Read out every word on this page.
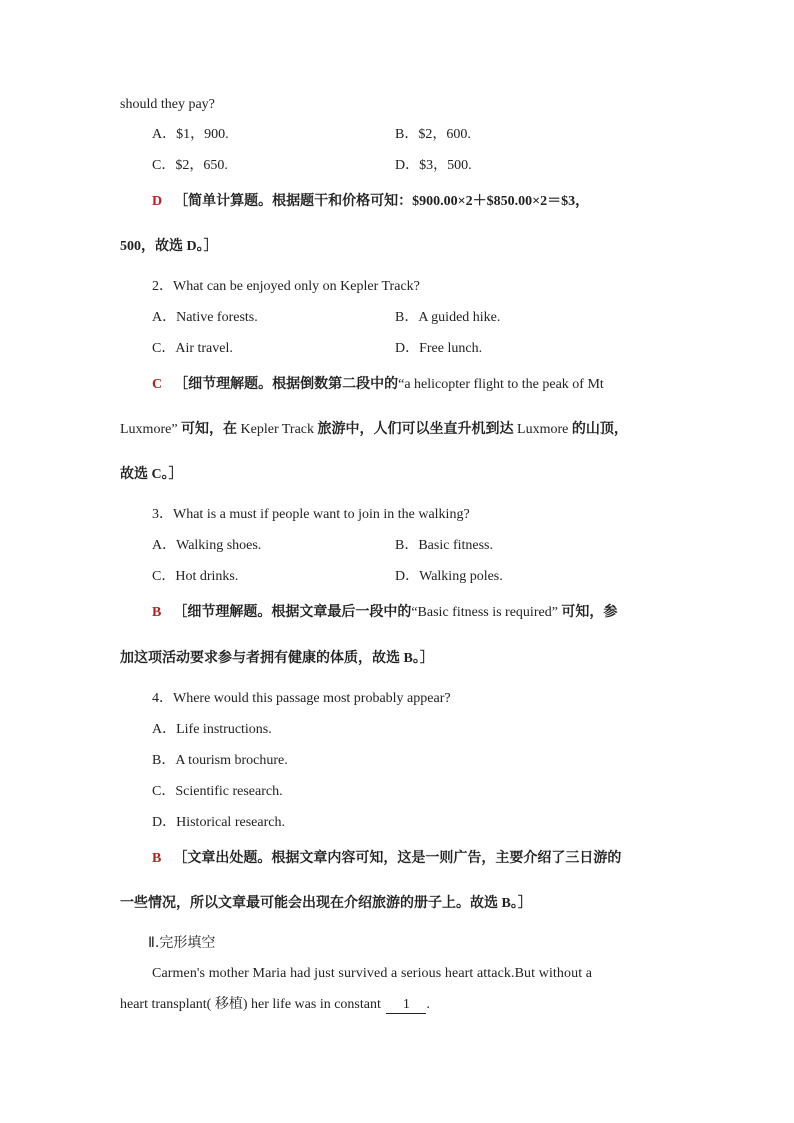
should they pay?
A．$1，900.	B．$2，600.
C．$2，650.	D．$3，500.
D ［简单计算题。根据题干和价格可知：$900.00×2＋$850.00×2＝$3，
500，故选 D。］
2．What can be enjoyed only on Kepler Track?
A．Native forests.	B．A guided hike.
C．Air travel.	D．Free lunch.
C ［细节理解题。根据倒数第二段中的“a helicopter flight to the peak of Mt
Luxmore” 可知，在 Kepler Track 旅游中，人们可以坐直升机到达 Luxmore 的山顶，
故选 C。］
3．What is a must if people want to join in the walking?
A．Walking shoes.	B．Basic fitness.
C．Hot drinks.	D．Walking poles.
B ［细节理解题。根据文章最后一段中的“Basic fitness is required” 可知，参
加这项活动要求参与者拥有健康的体质，故选 B。］
4．Where would this passage most probably appear?
A．Life instructions.
B．A tourism brochure.
C．Scientific research.
D．Historical research.
B ［文章出处题。根据文章内容可知，这是一则广告，主要介绍了三日游的
一些情况，所以文章最可能会出现在介绍旅游的册子上。故选 B。］
Ⅱ.完形填空
Carmen's mother Maria had just survived a serious heart attack.But without a
heart transplant( 移植) her life was in constant 1 .
